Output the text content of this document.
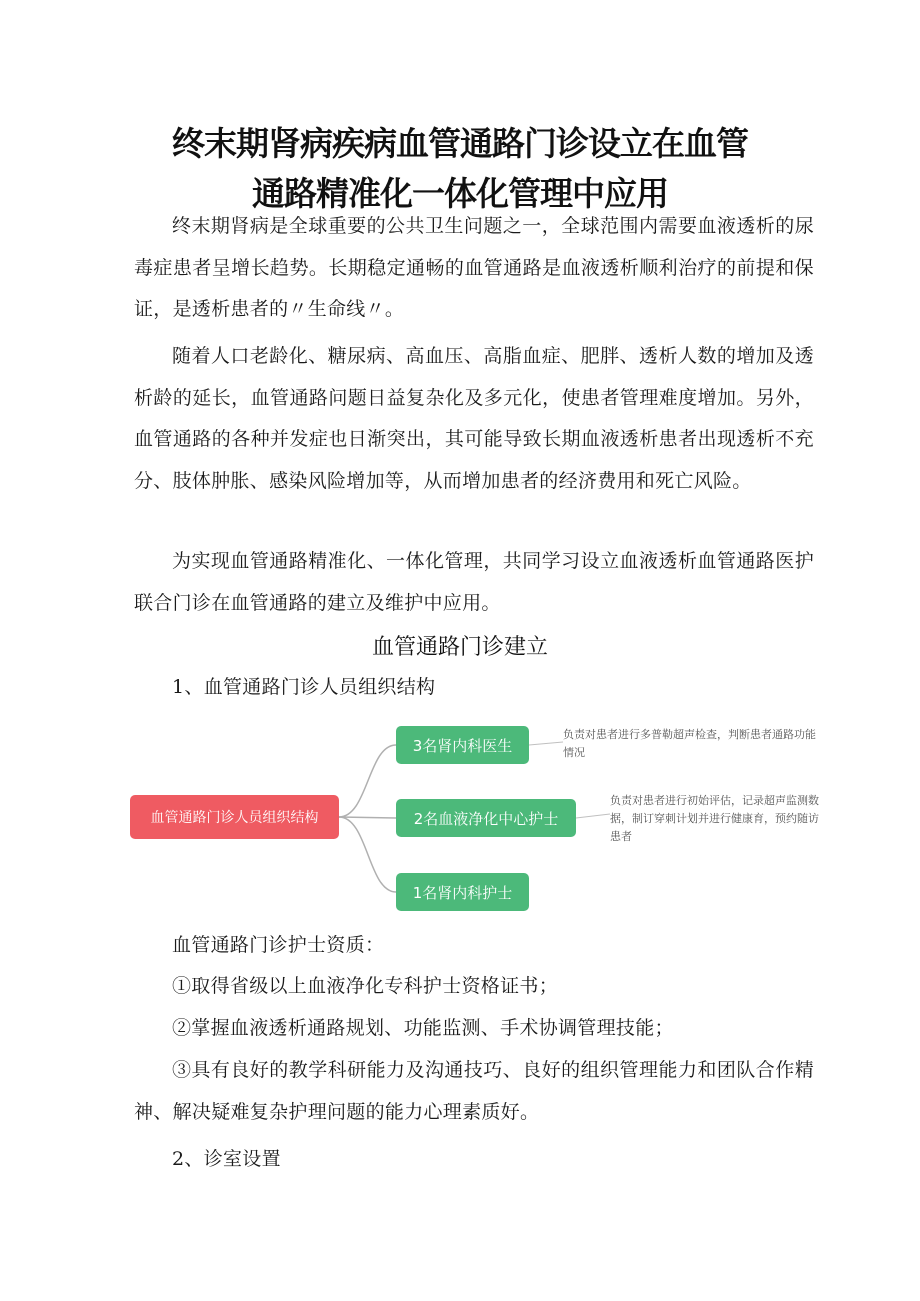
终末期肾病疾病血管通路门诊设立在血管
通路精准化一体化管理中应用

终末期肾病是全球重要的公共卫生问题之一，全球范围内需要血液透析的尿毒症患者呈增长趋势。长期稳定通畅的血管通路是血液透析顺利治疗的前提和保证，是透析患者的〃生命线〃。

随着人口老龄化、糖尿病、高血压、高脂血症、肥胖、透析人数的增加及透析龄的延长，血管通路问题日益复杂化及多元化，使患者管理难度增加。另外，血管通路的各种并发症也日渐突出，其可能导致长期血液透析患者出现透析不充分、肢体肿胀、感染风险增加等，从而增加患者的经济费用和死亡风险。

为实现血管通路精准化、一体化管理，共同学习设立血液透析血管通路医护联合门诊在血管通路的建立及维护中应用。

血管通路门诊建立
1、血管通路门诊人员组织结构
血管通路门诊人员组织结构
3名肾内科医生
2名血液净化中心护士
1名肾内科护士
负责对患者进行多普勒超声检查，判断患者通路功能情况
负责对患者进行初始评估，记录超声监测数据，制订穿刺计划并进行健康育，预约随访患者
血管通路门诊护士资质：
①取得省级以上血液净化专科护士资格证书；
②掌握血液透析通路规划、功能监测、手术协调管理技能；

③具有良好的教学科研能力及沟通技巧、良好的组织管理能力和团队合作精神、解决疑难复杂护理问题的能力心理素质好。

2、诊室设置
